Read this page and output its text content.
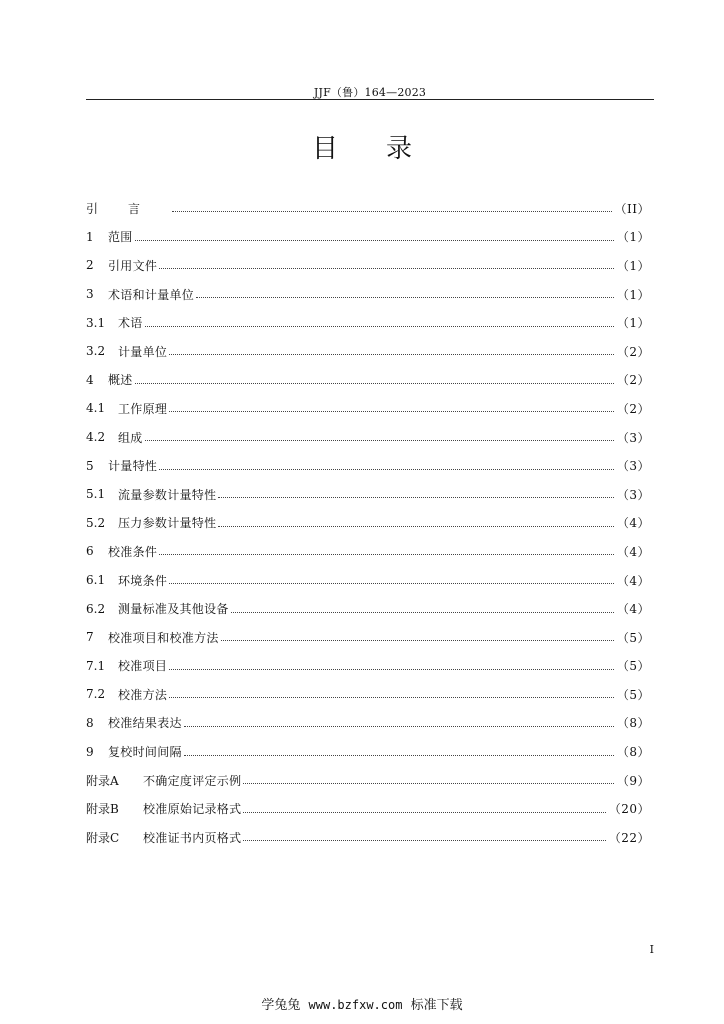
JJF（鲁）164—2023
目录
引言	（II）
1	范围	（1）
2	引用文件	（1）
3	术语和计量单位	（1）
3.1	术语	（1）
3.2	计量单位	（2）
4	概述	（2）
4.1	工作原理	（2）
4.2	组成	（3）
5	计量特性	（3）
5.1	流量参数计量特性	（3）
5.2	压力参数计量特性	（4）
6	校准条件	（4）
6.1	环境条件	（4）
6.2	测量标准及其他设备	（4）
7	校准项目和校准方法	（5）
7.1	校准项目	（5）
7.2	校准方法	（5）
8	校准结果表达	（8）
9	复校时间间隔	（8）
附录A	不确定度评定示例	（9）
附录B	校准原始记录格式	（20）
附录C	校准证书内页格式	（22）
I
学兔兔 www.bzfxw.com 标准下载
